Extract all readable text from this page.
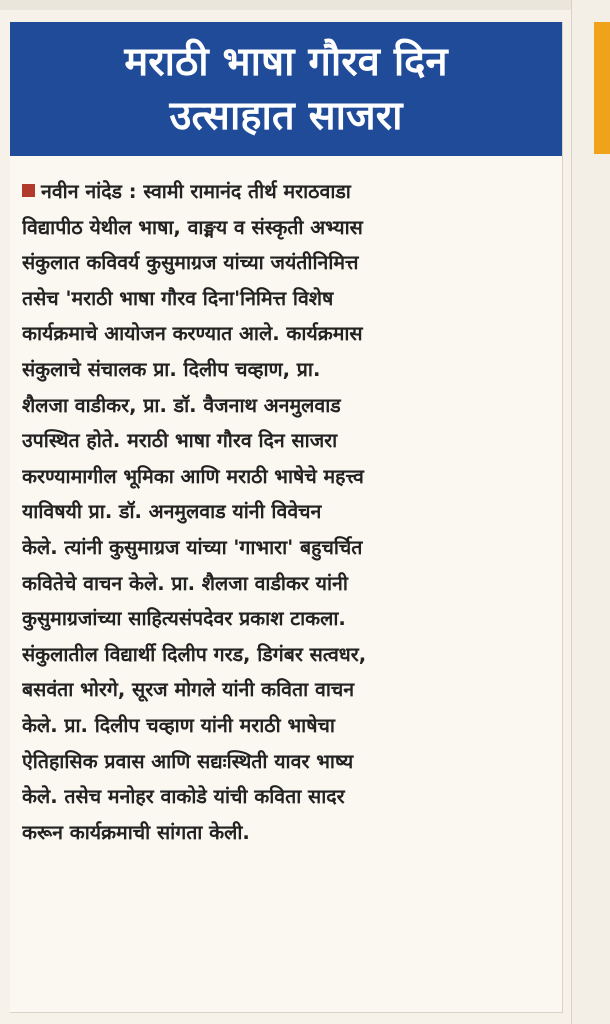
मराठी भाषा गौरव दिन
उत्साहात साजरा
नवीन नांदेड : स्वामी रामानंद तीर्थ मराठवाडा
विद्यापीठ येथील भाषा, वाङ्मय व संस्कृती अभ्यास
संकुलात कविवर्य कुसुमाग्रज यांच्या जयंतीनिमित्त
तसेच 'मराठी भाषा गौरव दिना'निमित्त विशेष
कार्यक्रमाचे आयोजन करण्यात आले. कार्यक्रमास
संकुलाचे संचालक प्रा. दिलीप चव्हाण, प्रा.
शैलजा वाडीकर, प्रा. डॉ. वैजनाथ अनमुलवाड
उपस्थित होते. मराठी भाषा गौरव दिन साजरा
करण्यामागील भूमिका आणि मराठी भाषेचे महत्त्व
याविषयी प्रा. डॉ. अनमुलवाड यांनी विवेचन
केले. त्यांनी कुसुमाग्रज यांच्या 'गाभारा' बहुचर्चित
कवितेचे वाचन केले. प्रा. शैलजा वाडीकर यांनी
कुसुमाग्रजांच्या साहित्यसंपदेवर प्रकाश टाकला.
संकुलातील विद्यार्थी दिलीप गरड, डिगंबर सत्वधर,
बसवंता भोरगे, सूरज मोगले यांनी कविता वाचन
केले. प्रा. दिलीप चव्हाण यांनी मराठी भाषेचा
ऐतिहासिक प्रवास आणि सद्यःस्थिती यावर भाष्य
केले. तसेच मनोहर वाकोडे यांची कविता सादर
करून कार्यक्रमाची सांगता केली.
